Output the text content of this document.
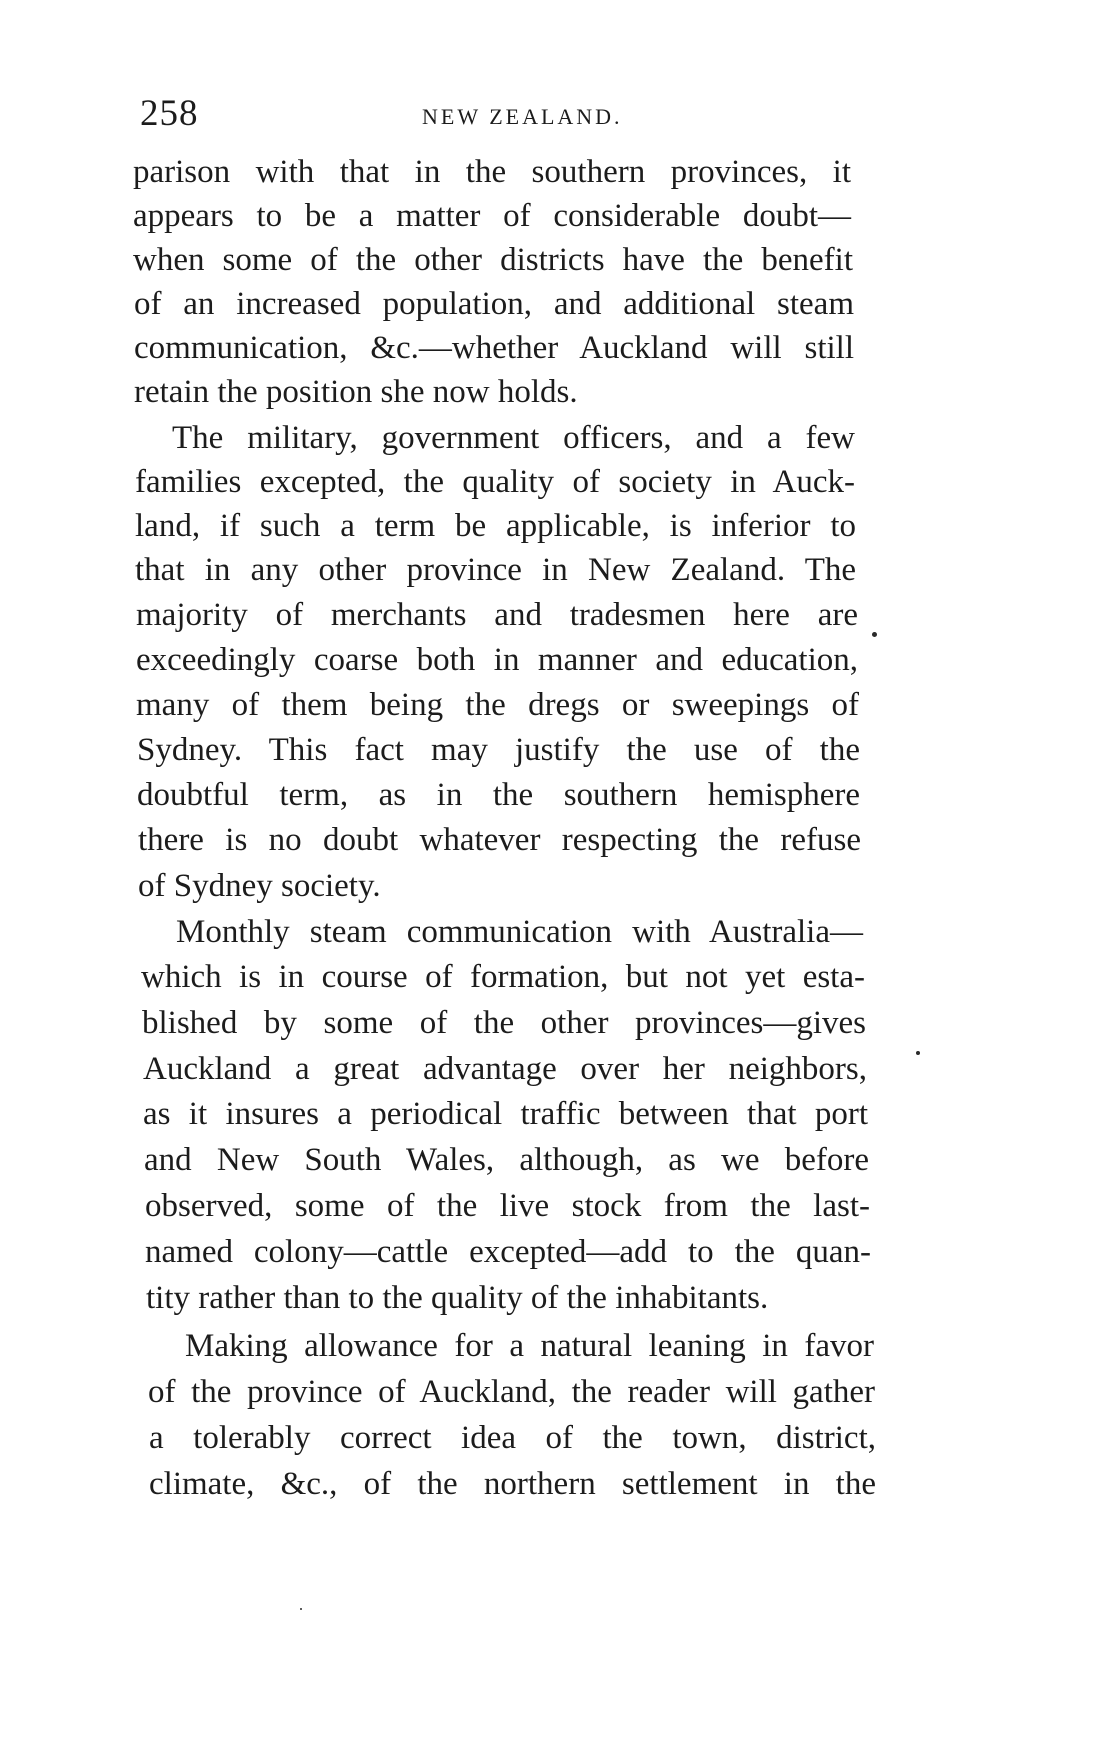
258	NEW ZEALAND.
parison with that in the southern provinces, it
appears to be a matter of considerable doubt—
when some of the other districts have the benefit
of an increased population, and additional steam
communication, &c.—whether Auckland will still
retain the position she now holds.
The military, government officers, and a few
families excepted, the quality of society in Auck-
land, if such a term be applicable, is inferior to
that in any other province in New Zealand. The
majority of merchants and tradesmen here are
exceedingly coarse both in manner and education,
many of them being the dregs or sweepings of
Sydney. This fact may justify the use of the
doubtful term, as in the southern hemisphere
there is no doubt whatever respecting the refuse
of Sydney society.
Monthly steam communication with Australia—
which is in course of formation, but not yet esta-
blished by some of the other provinces—gives
Auckland a great advantage over her neighbors,
as it insures a periodical traffic between that port
and New South Wales, although, as we before
observed, some of the live stock from the last-
named colony—cattle excepted—add to the quan-
tity rather than to the quality of the inhabitants.
Making allowance for a natural leaning in favor
of the province of Auckland, the reader will gather
a tolerably correct idea of the town, district,
climate, &c., of the northern settlement in the
